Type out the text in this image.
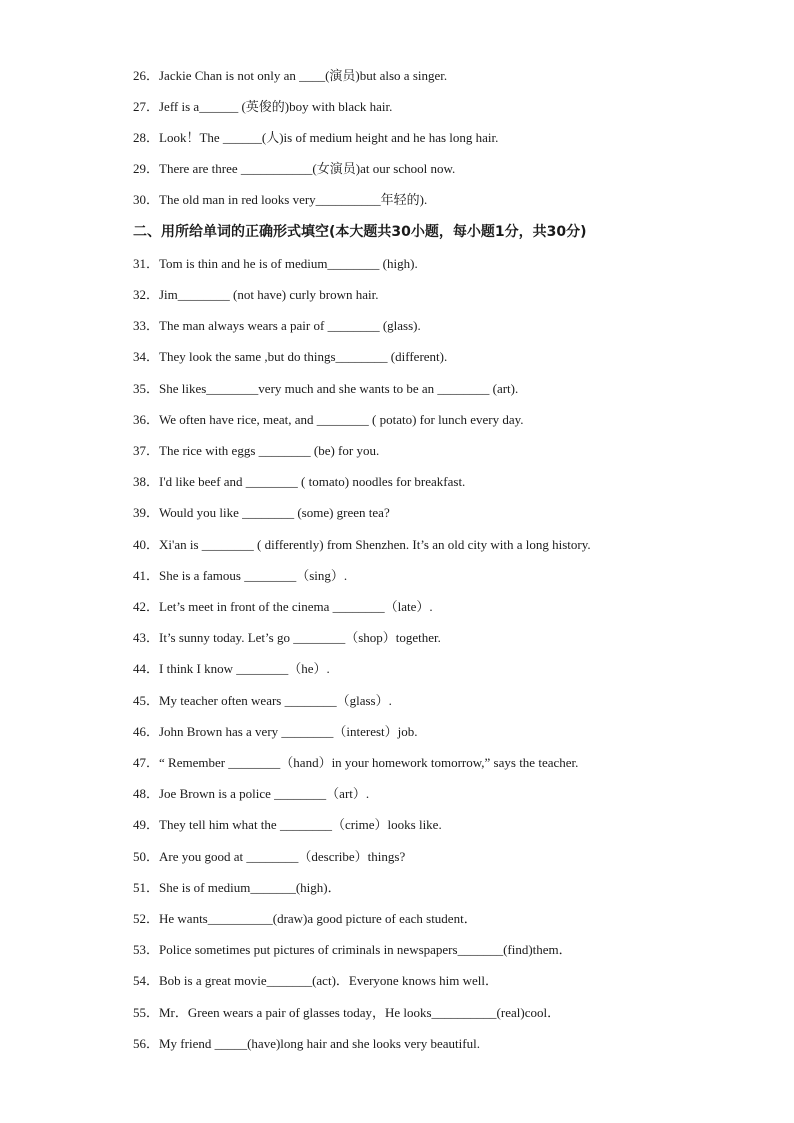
26．Jackie Chan is not only an ____(演员)but also a singer.
27．Jeff is a______ (英俊的)boy with black hair.
28．Look！The ______(人)is of medium height and he has long hair.
29．There are three ___________(女演员)at our school now.
30．The old man in red looks very__________年轻的).
二、用所给单词的正确形式填空(本大题共30小题，每小题1分，共30分)
31．Tom is thin and he is of medium________ (high).
32．Jim________ (not have) curly brown hair.
33．The man always wears a pair of ________ (glass).
34．They look the same ,but do things________ (different).
35．She likes________very much and she wants to be an ________ (art).
36．We often have rice, meat, and ________ ( potato) for lunch every day.
37．The rice with eggs ________ (be) for you.
38．I'd like beef and ________ ( tomato) noodles for breakfast.
39．Would you like ________ (some) green tea?
40．Xi'an is ________ ( differently) from Shenzhen. It’s an old city with a long history.
41．She is a famous ________（sing）.
42．Let’s meet in front of the cinema ________（late）.
43．It’s sunny today. Let’s go ________（shop）together.
44．I think I know ________（he）.
45．My teacher often wears ________（glass）.
46．John Brown has a very ________（interest）job.
47．“ Remember ________（hand）in your homework tomorrow,” says the teacher.
48．Joe Brown is a police ________（art）.
49．They tell him what the ________（crime）looks like.
50．Are you good at ________（describe）things?
51．She is of medium_______(high)．
52．He wants__________(draw)a good picture of each student．
53．Police sometimes put pictures of criminals in newspapers_______(find)them．
54．Bob is a great movie_______(act)．Everyone knows him well．
55．Mr．Green wears a pair of glasses today，He looks__________(real)cool．
56．My friend _____(have)long hair and she looks very beautiful.
